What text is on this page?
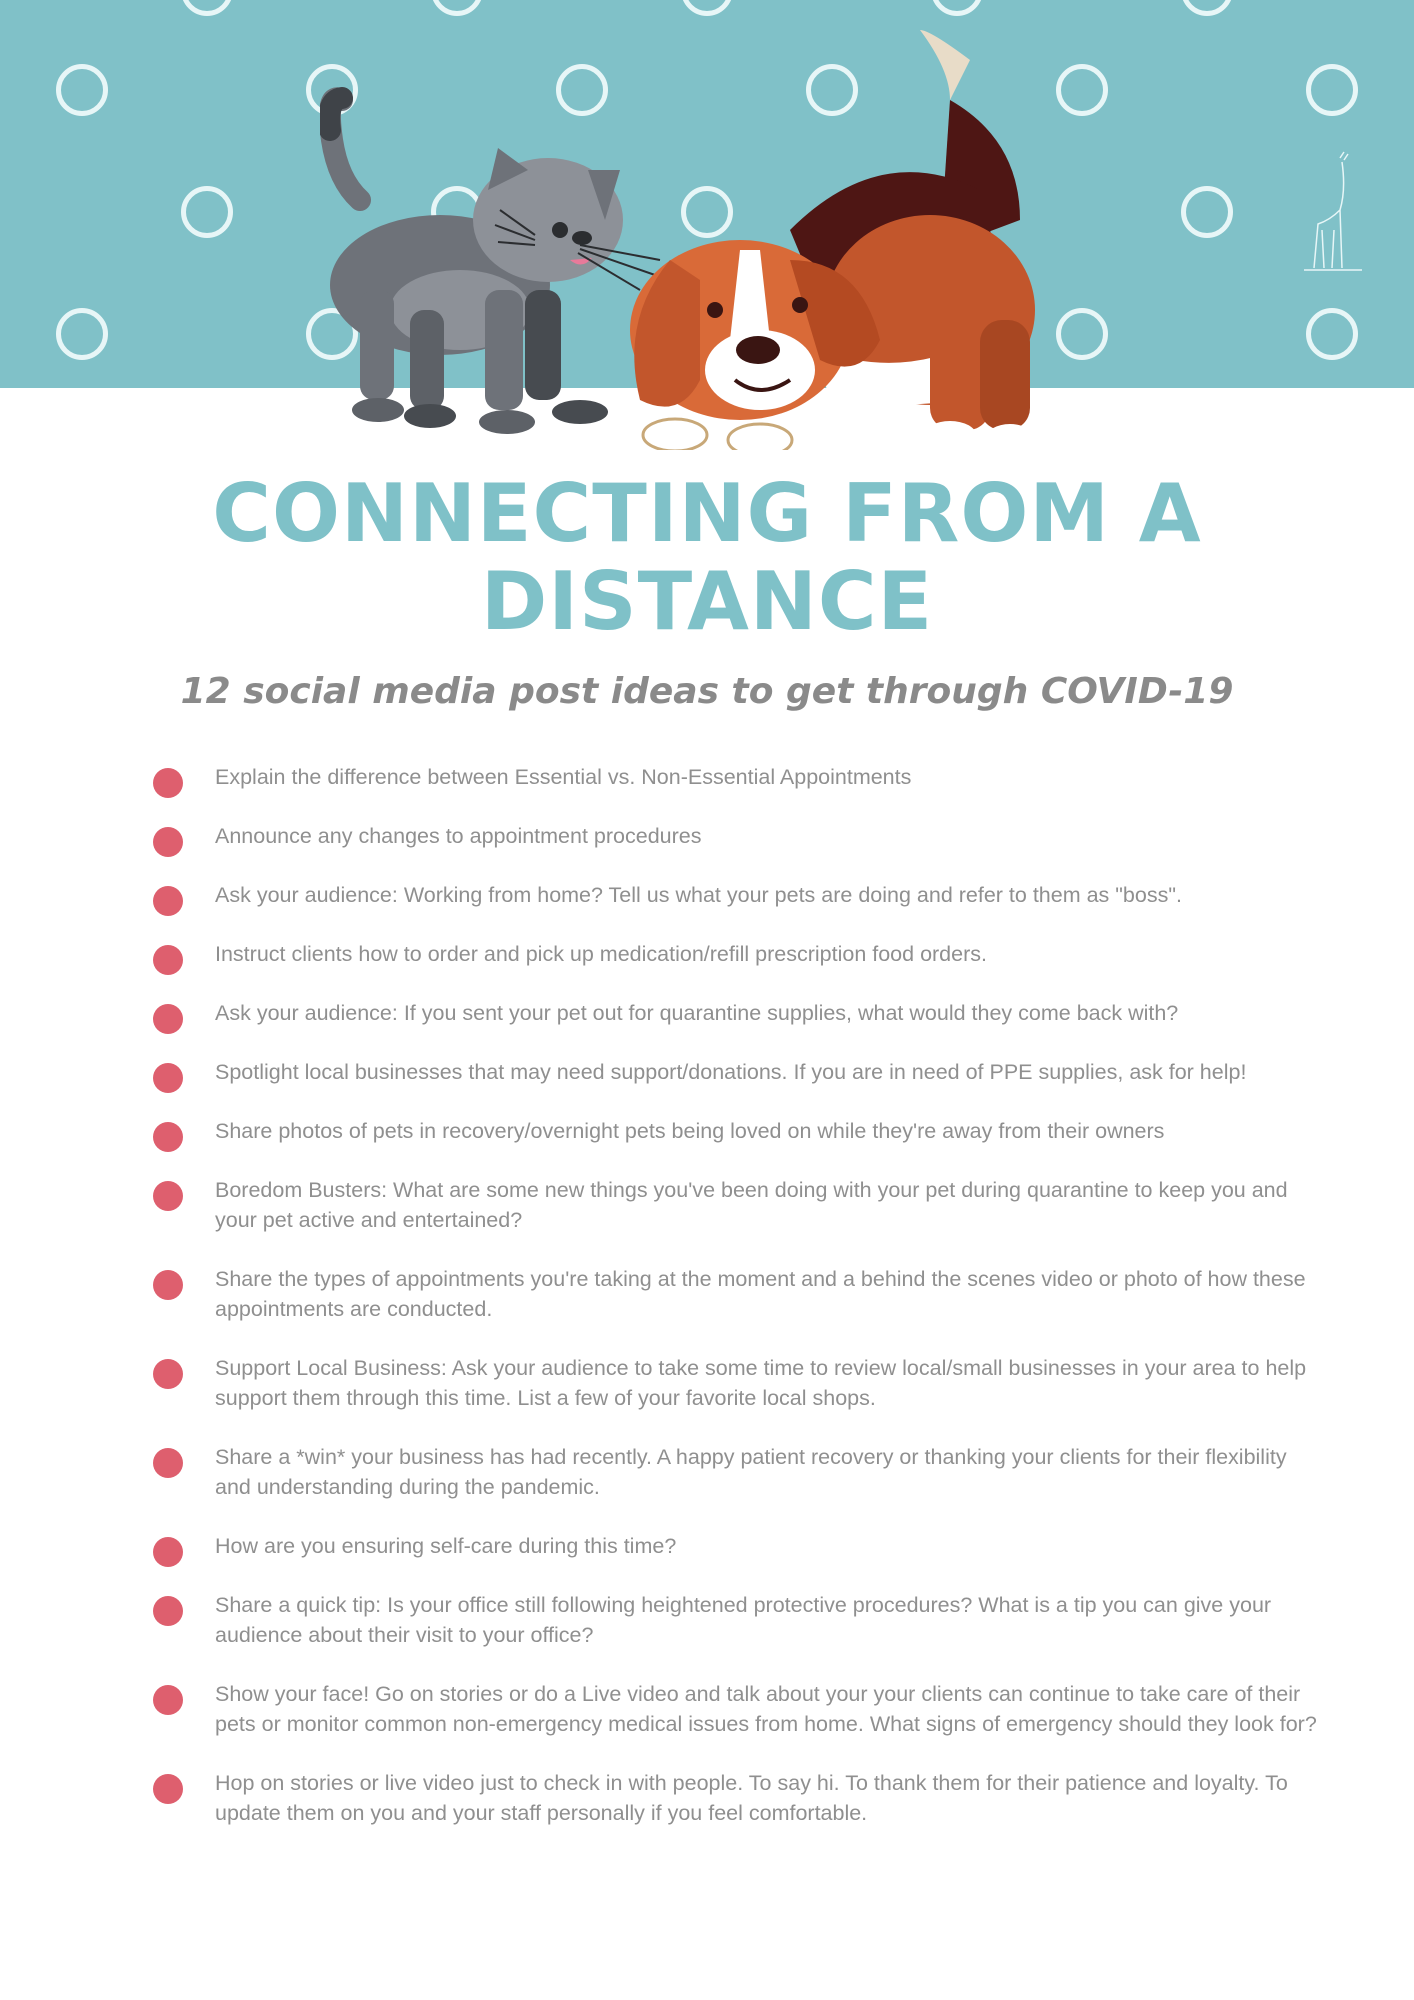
CONNECTING FROM A
DISTANCE
12 social media post ideas to get through COVID-19
Explain the difference between Essential vs. Non-Essential Appointments
Announce any changes to appointment procedures
Ask your audience: Working from home? Tell us what your pets are doing and refer to them as "boss".
Instruct clients how to order and pick up medication/refill prescription food orders.
Ask your audience: If you sent your pet out for quarantine supplies, what would they come back with?
Spotlight local businesses that may need support/donations. If you are in need of PPE supplies, ask for help!
Share photos of pets in recovery/overnight pets being loved on while they're away from their owners
Boredom Busters: What are some new things you've been doing with your pet during quarantine to keep you and your pet active and entertained?
Share the types of appointments you're taking at the moment and a behind the scenes video or photo of how these appointments are conducted.
Support Local Business: Ask your audience to take some time to review local/small businesses in your area to help support them through this time. List a few of your favorite local shops.
Share a *win* your business has had recently. A happy patient recovery or thanking your clients for their flexibility and understanding during the pandemic.
How are you ensuring self-care during this time?
Share a quick tip: Is your office still following heightened protective procedures? What is a tip you can give your audience about their visit to your office?
Show your face! Go on stories or do a Live video and talk about your your clients can continue to take care of their pets or monitor common non-emergency medical issues from home. What signs of emergency should they look for?
Hop on stories or live video just to check in with people. To say hi. To thank them for their patience and loyalty. To update them on you and your staff personally if you feel comfortable.
